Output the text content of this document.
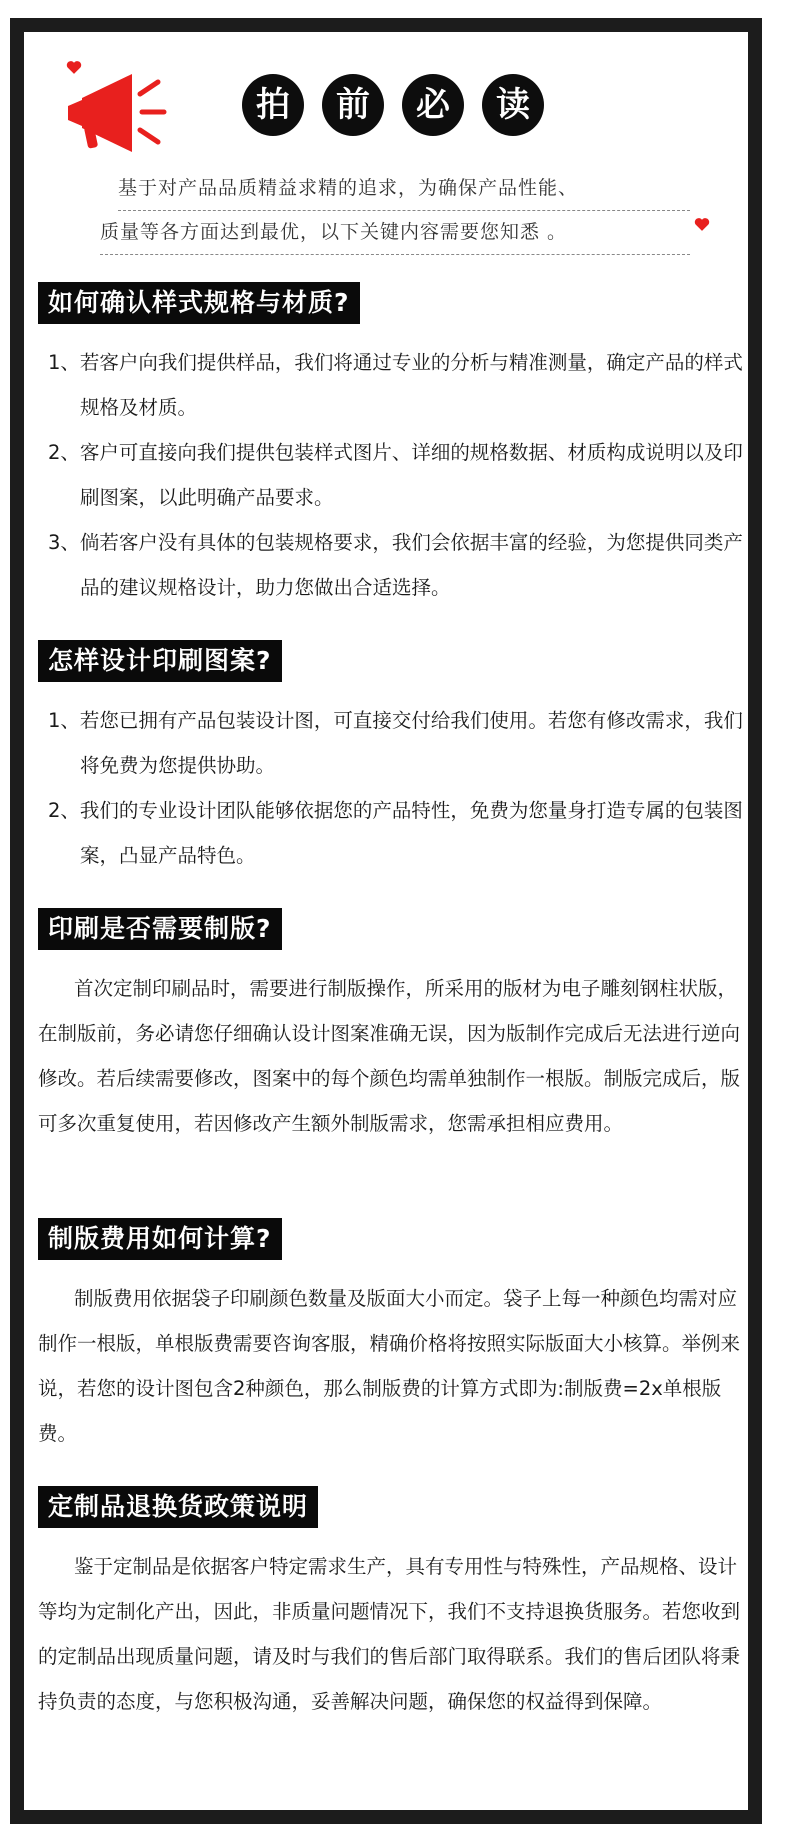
拍	前	必	读
基于对产品品质精益求精的追求，为确保产品性能、
质量等各方面达到最优，以下关键内容需要您知悉 。
如何确认样式规格与材质?
1、若客户向我们提供样品，我们将通过专业的分析与精准测量，确定产品的样式规格及材质。
2、客户可直接向我们提供包装样式图片、详细的规格数据、材质构成说明以及印刷图案，以此明确产品要求。
3、倘若客户没有具体的包装规格要求，我们会依据丰富的经验，为您提供同类产品的建议规格设计，助力您做出合适选择。
怎样设计印刷图案?
1、若您已拥有产品包装设计图，可直接交付给我们使用。若您有修改需求，我们将免费为您提供协助。
2、我们的专业设计团队能够依据您的产品特性，免费为您量身打造专属的包装图案，凸显产品特色。
印刷是否需要制版?
首次定制印刷品时，需要进行制版操作，所采用的版材为电子雕刻钢柱状版，在制版前，务必请您仔细确认设计图案准确无误，因为版制作完成后无法进行逆向修改。若后续需要修改，图案中的每个颜色均需单独制作一根版。制版完成后，版可多次重复使用，若因修改产生额外制版需求，您需承担相应费用。
制版费用如何计算?
制版费用依据袋子印刷颜色数量及版面大小而定。袋子上每一种颜色均需对应制作一根版，单根版费需要咨询客服，精确价格将按照实际版面大小核算。举例来说，若您的设计图包含2种颜色，那么制版费的计算方式即为:制版费=2x单根版费。
定制品退换货政策说明
鉴于定制品是依据客户特定需求生产，具有专用性与特殊性，产品规格、设计等均为定制化产出，因此，非质量问题情况下，我们不支持退换货服务。若您收到的定制品出现质量问题，请及时与我们的售后部门取得联系。我们的售后团队将秉持负责的态度，与您积极沟通，妥善解决问题，确保您的权益得到保障。
